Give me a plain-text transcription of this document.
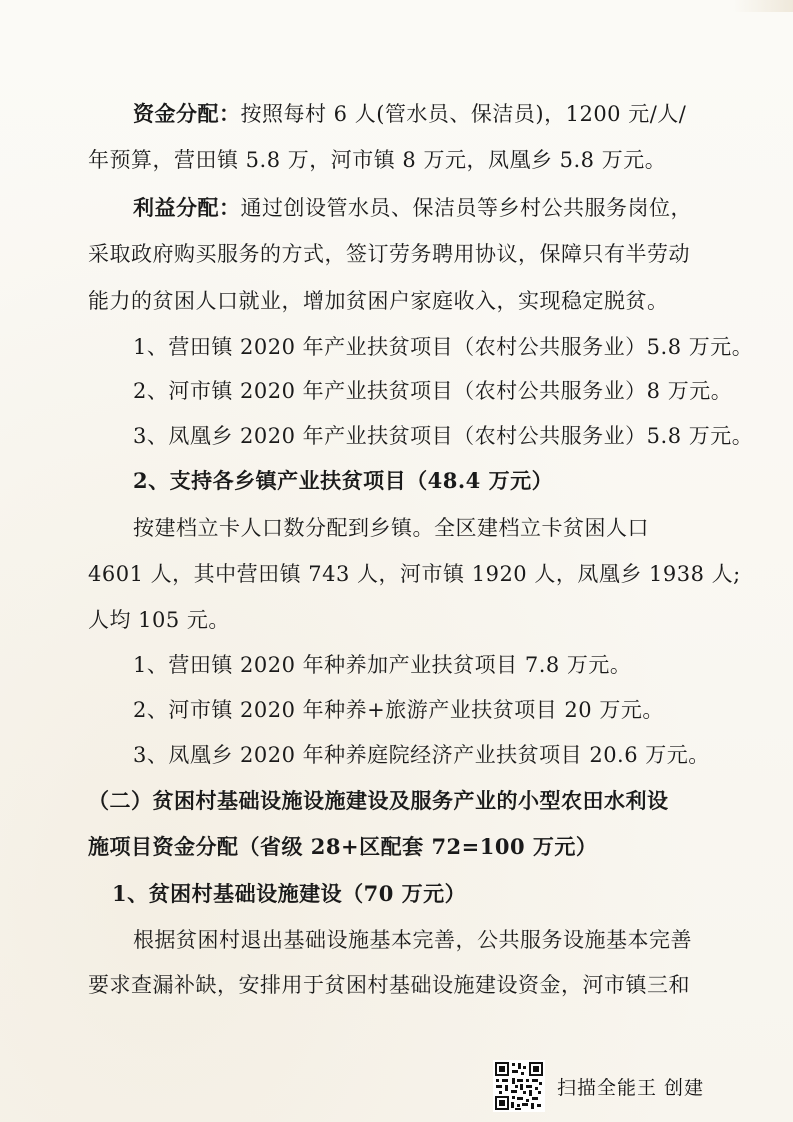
资金分配：按照每村 6 人(管水员、保洁员)，1200 元/人/
年预算，营田镇 5.8 万，河市镇 8 万元，凤凰乡 5.8 万元。
利益分配：通过创设管水员、保洁员等乡村公共服务岗位，
采取政府购买服务的方式，签订劳务聘用协议，保障只有半劳动
能力的贫困人口就业，增加贫困户家庭收入，实现稳定脱贫。
1、营田镇 2020 年产业扶贫项目（农村公共服务业）5.8 万元。
2、河市镇 2020 年产业扶贫项目（农村公共服务业）8 万元。
3、凤凰乡 2020 年产业扶贫项目（农村公共服务业）5.8 万元。
2、支持各乡镇产业扶贫项目（48.4 万元）
按建档立卡人口数分配到乡镇。全区建档立卡贫困人口
4601 人，其中营田镇 743 人，河市镇 1920 人，凤凰乡 1938 人;
人均 105 元。
1、营田镇 2020 年种养加产业扶贫项目 7.8 万元。
2、河市镇 2020 年种养+旅游产业扶贫项目 20 万元。
3、凤凰乡 2020 年种养庭院经济产业扶贫项目 20.6 万元。
（二）贫困村基础设施设施建设及服务产业的小型农田水利设
施项目资金分配（省级 28+区配套 72=100 万元）
1、贫困村基础设施建设（70 万元）
根据贫困村退出基础设施基本完善，公共服务设施基本完善
要求查漏补缺，安排用于贫困村基础设施建设资金，河市镇三和
扫描全能王 创建
